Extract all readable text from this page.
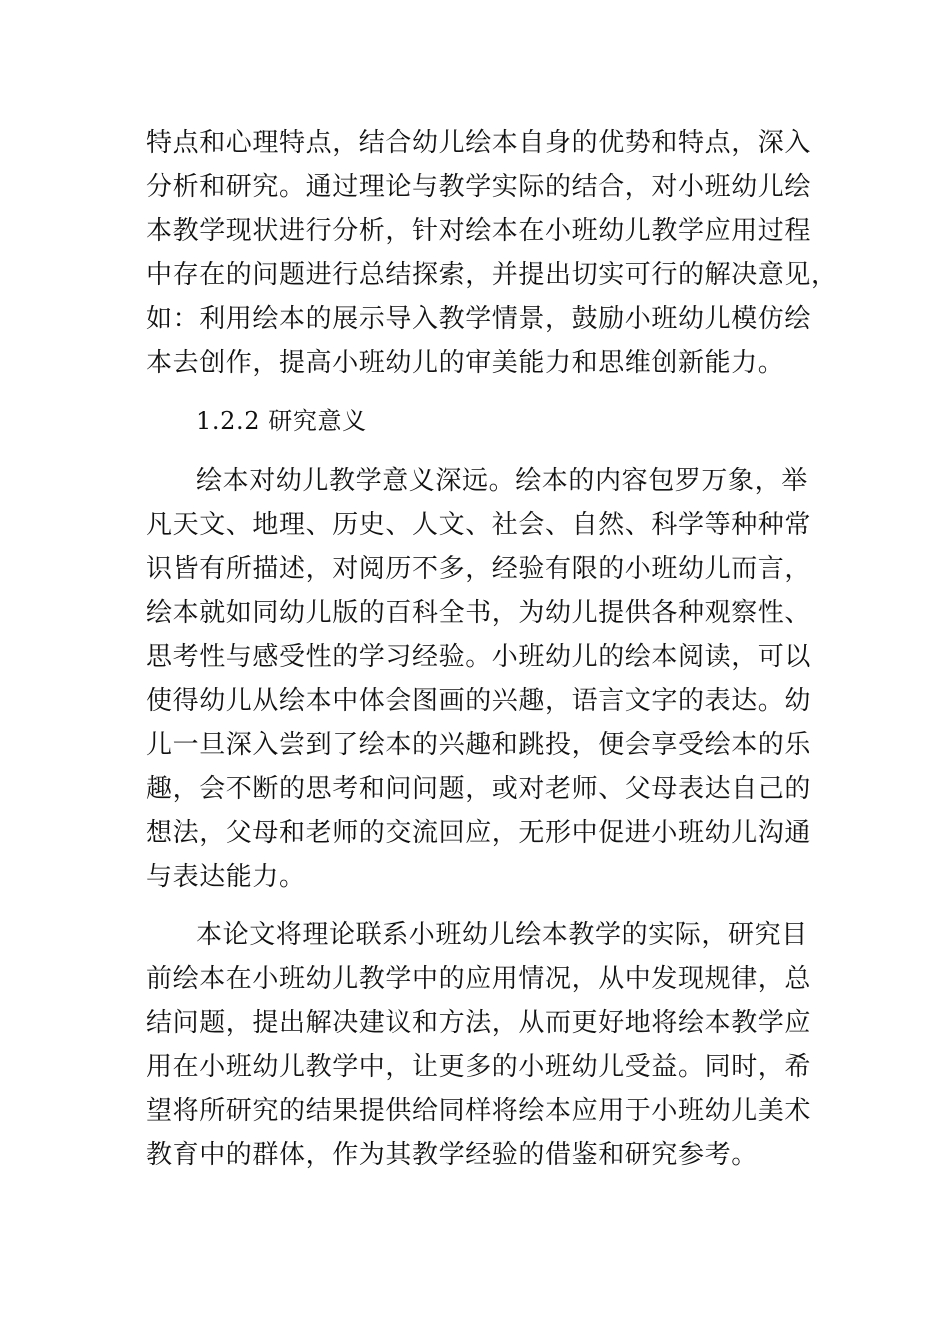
特点和心理特点，结合幼儿绘本自身的优势和特点，深入
分析和研究。通过理论与教学实际的结合，对小班幼儿绘
本教学现状进行分析，针对绘本在小班幼儿教学应用过程
中存在的问题进行总结探索，并提出切实可行的解决意见，
如：利用绘本的展示导入教学情景，鼓励小班幼儿模仿绘
本去创作，提高小班幼儿的审美能力和思维创新能力。
1.2.2 研究意义
绘本对幼儿教学意义深远。绘本的内容包罗万象，举
凡天文、地理、历史、人文、社会、自然、科学等种种常
识皆有所描述，对阅历不多，经验有限的小班幼儿而言，
绘本就如同幼儿版的百科全书，为幼儿提供各种观察性、
思考性与感受性的学习经验。小班幼儿的绘本阅读，可以
使得幼儿从绘本中体会图画的兴趣，语言文字的表达。幼
儿一旦深入尝到了绘本的兴趣和跳投，便会享受绘本的乐
趣，会不断的思考和问问题，或对老师、父母表达自己的
想法，父母和老师的交流回应，无形中促进小班幼儿沟通
与表达能力。
本论文将理论联系小班幼儿绘本教学的实际，研究目
前绘本在小班幼儿教学中的应用情况，从中发现规律，总
结问题，提出解决建议和方法，从而更好地将绘本教学应
用在小班幼儿教学中，让更多的小班幼儿受益。同时，希
望将所研究的结果提供给同样将绘本应用于小班幼儿美术
教育中的群体，作为其教学经验的借鉴和研究参考。
